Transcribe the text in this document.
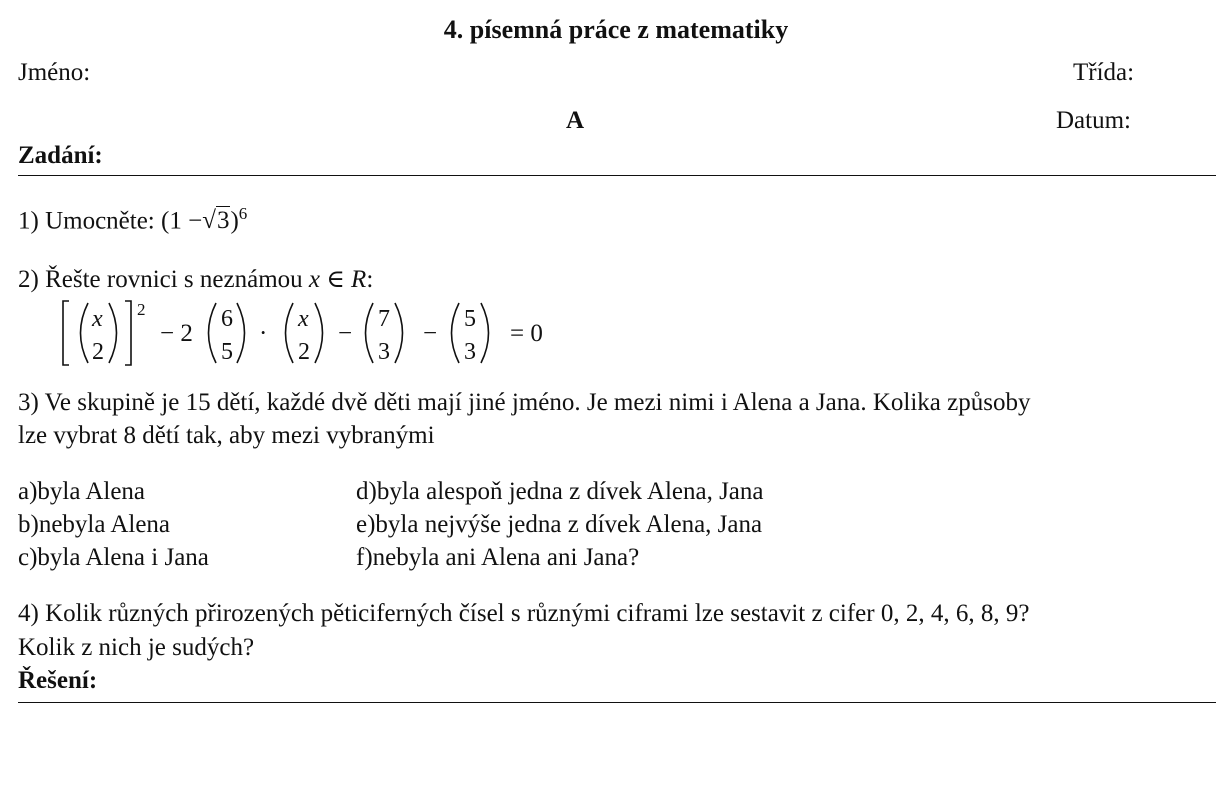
4. písemná práce z matematiky
Jméno:	Třída:
A	Datum:
Zadání:
1) Umocněte: $(1 -√3)^6$
2) Řešte rovnici s neznámou x ∈ R:
x
2
2
− 2
6
5
·
x
2
−
7
3
−
5
3
= 0
3) Ve skupině je 15 dětí, každé dvě děti mají jiné jméno. Je mezi nimi i Alena a Jana. Kolika způsoby
lze vybrat 8 dětí tak, aby mezi vybranými
a)byla Alena
b)nebyla Alena
c)byla Alena i Jana
d)byla alespoň jedna z dívek Alena, Jana
e)byla nejvýše jedna z dívek Alena, Jana
f)nebyla ani Alena ani Jana?
4) Kolik různých přirozených pěticiferných čísel s různými ciframi lze sestavit z cifer 0, 2, 4, 6, 8, 9?
Kolik z nich je sudých?
Řešení:
